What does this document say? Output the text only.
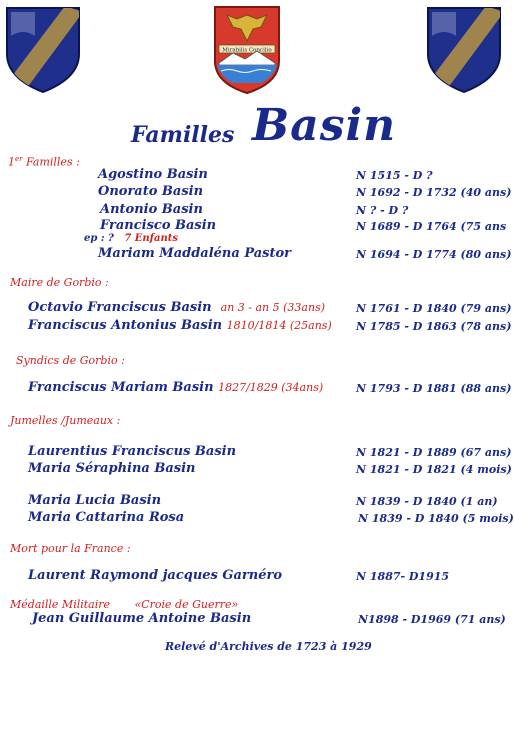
Mirabilis Concilio
Familles Basin
1er Familles :
Agostino Basin	N 1515 - D ?
Onorato Basin	N 1692 - D 1732 (40 ans)
Antonio Basin	N ? - D ?
Francisco Basin	N 1689 - D 1764 (75 ans
ep : ? 7 Enfants
Mariam Maddaléna Pastor	N 1694 - D 1774 (80 ans)
Maire de Gorbio :
Octavio Franciscus Basin an 3 - an 5 (33ans)	N 1761 - D 1840 (79 ans)
Franciscus Antonius Basin 1810/1814 (25ans) N 1785 - D 1863 (78 ans)
Syndics de Gorbio :
Franciscus Mariam Basin 1827/1829 (34ans)	N 1793 - D 1881 (88 ans)
Jumelles /Jumeaux :
Laurentius Franciscus Basin	N 1821 - D 1889 (67 ans)
Maria Séraphina Basin	N 1821 - D 1821 (4 mois)
Maria Lucia Basin	N 1839 - D 1840 (1 an)
Maria Cattarina Rosa	N 1839 - D 1840 (5 mois)
Mort pour la France :
Laurent Raymond jacques Garnéro	N 1887- D1915
Médaille Militaire «Croie de Guerre»
Jean Guillaume Antoine Basin	N1898 - D1969 (71 ans)
Relevé d'Archives de 1723 à 1929
